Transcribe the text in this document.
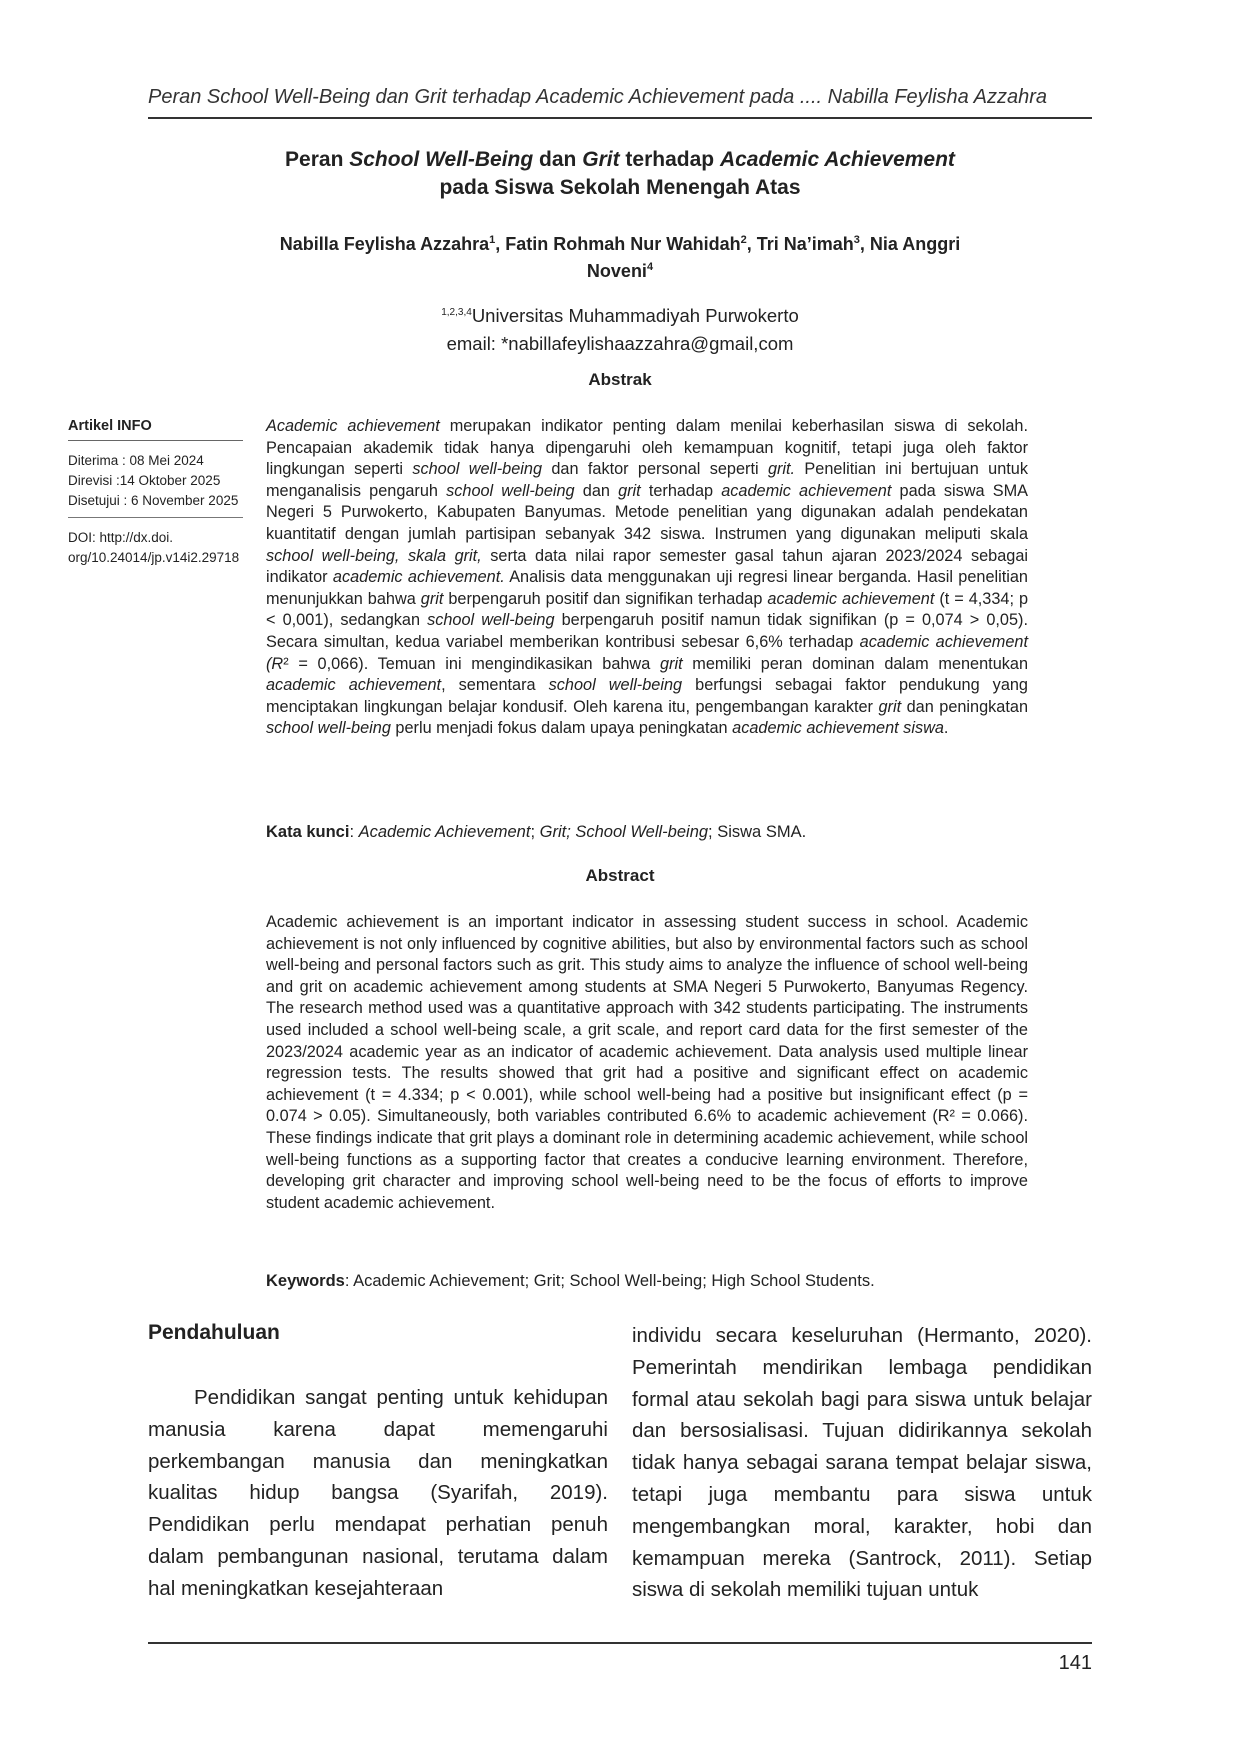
Peran School Well-Being dan Grit terhadap Academic Achievement pada .... Nabilla Feylisha Azzahra
Peran School Well-Being dan Grit terhadap Academic Achievement
pada Siswa Sekolah Menengah Atas
Nabilla Feylisha Azzahra$^1$, Fatin Rohmah Nur Wahidah$^2$, Tri Na’imah$^3$, Nia Anggri Noveni$^4$
$^{1,2,3,4}$Universitas Muhammadiyah Purwokerto
email: *nabillafeylishaazzahra@gmail,com
Abstrak
Artikel INFO
Diterima : 08 Mei 2024
Direvisi :14 Oktober 2025
Disetujui : 6 November 2025
DOI: http://dx.doi.
org/10.24014/jp.v14i2.29718
Academic achievement merupakan indikator penting dalam menilai keberhasilan siswa di sekolah. Pencapaian akademik tidak hanya dipengaruhi oleh kemampuan kognitif, tetapi juga oleh faktor lingkungan seperti school well-being dan faktor personal seperti grit. Penelitian ini bertujuan untuk menganalisis pengaruh school well-being dan grit terhadap academic achievement pada siswa SMA Negeri 5 Purwokerto, Kabupaten Banyumas. Metode penelitian yang digunakan adalah pendekatan kuantitatif dengan jumlah partisipan sebanyak 342 siswa. Instrumen yang digunakan meliputi skala school well-being, skala grit, serta data nilai rapor semester gasal tahun ajaran 2023/2024 sebagai indikator academic achievement. Analisis data menggunakan uji regresi linear berganda. Hasil penelitian menunjukkan bahwa grit berpengaruh positif dan signifikan terhadap academic achievement (t = 4,334; p < 0,001), sedangkan school well-being berpengaruh positif namun tidak signifikan (p = 0,074 > 0,05). Secara simultan, kedua variabel memberikan kontribusi sebesar 6,6% terhadap academic achievement (R² = 0,066). Temuan ini mengindikasikan bahwa grit memiliki peran dominan dalam menentukan academic achievement, sementara school well-being berfungsi sebagai faktor pendukung yang menciptakan lingkungan belajar kondusif. Oleh karena itu, pengembangan karakter grit dan peningkatan school well-being perlu menjadi fokus dalam upaya peningkatan academic achievement siswa.
Kata kunci: Academic Achievement; Grit; School Well-being; Siswa SMA.
Abstract
Academic achievement is an important indicator in assessing student success in school. Academic achievement is not only influenced by cognitive abilities, but also by environmental factors such as school well-being and personal factors such as grit. This study aims to analyze the influence of school well-being and grit on academic achievement among students at SMA Negeri 5 Purwokerto, Banyumas Regency. The research method used was a quantitative approach with 342 students participating. The instruments used included a school well-being scale, a grit scale, and report card data for the first semester of the 2023/2024 academic year as an indicator of academic achievement. Data analysis used multiple linear regression tests. The results showed that grit had a positive and significant effect on academic achievement (t = 4.334; p < 0.001), while school well-being had a positive but insignificant effect (p = 0.074 > 0.05). Simultaneously, both variables contributed 6.6% to academic achievement (R² = 0.066). These findings indicate that grit plays a dominant role in determining academic achievement, while school well-being functions as a supporting factor that creates a conducive learning environment. Therefore, developing grit character and improving school well-being need to be the focus of efforts to improve student academic achievement.
Keywords: Academic Achievement; Grit; School Well-being; High School Students.
Pendahuluan
Pendidikan sangat penting untuk kehidupan manusia karena dapat memengaruhi perkembangan manusia dan meningkatkan kualitas hidup bangsa (Syarifah, 2019). Pendidikan perlu mendapat perhatian penuh dalam pembangunan nasional, terutama dalam hal meningkatkan kesejahteraan
individu secara keseluruhan (Hermanto, 2020). Pemerintah mendirikan lembaga pendidikan formal atau sekolah bagi para siswa untuk belajar dan bersosialisasi. Tujuan didirikannya sekolah tidak hanya sebagai sarana tempat belajar siswa, tetapi juga membantu para siswa untuk mengembangkan moral, karakter, hobi dan kemampuan mereka (Santrock, 2011). Setiap siswa di sekolah memiliki tujuan untuk
141
